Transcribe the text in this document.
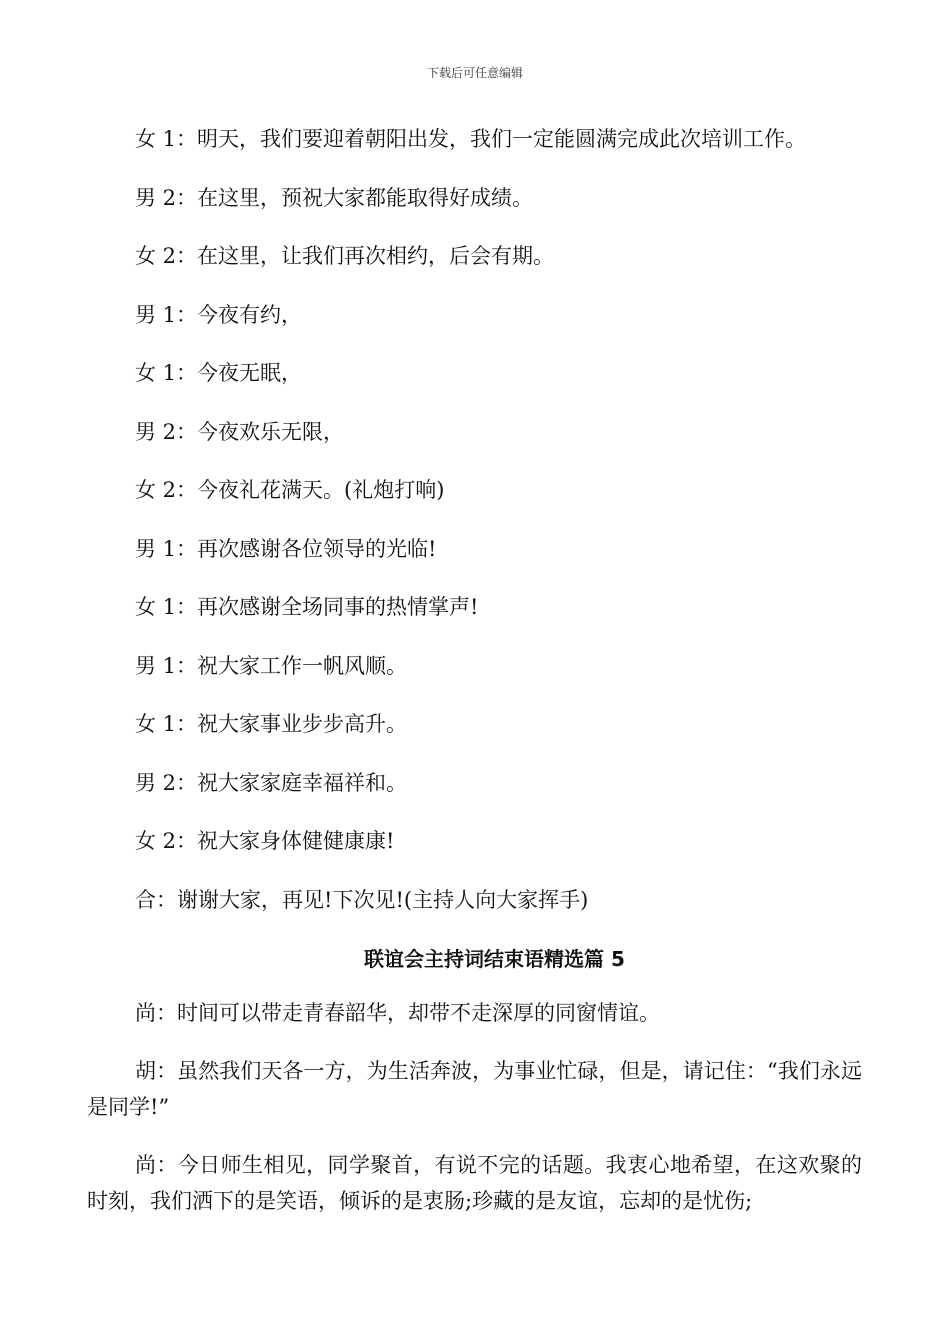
下载后可任意编辑
女 1：明天，我们要迎着朝阳出发，我们一定能圆满完成此次培训工作。
男 2：在这里，预祝大家都能取得好成绩。
女 2：在这里，让我们再次相约，后会有期。
男 1：今夜有约，
女 1：今夜无眠，
男 2：今夜欢乐无限，
女 2：今夜礼花满天。(礼炮打响)
男 1：再次感谢各位领导的光临!
女 1：再次感谢全场同事的热情掌声!
男 1：祝大家工作一帆风顺。
女 1：祝大家事业步步高升。
男 2：祝大家家庭幸福祥和。
女 2：祝大家身体健健康康!
合：谢谢大家，再见!下次见!(主持人向大家挥手)
联谊会主持词结束语精选篇 5

尚：时间可以带走青春韶华，却带不走深厚的同窗情谊。

胡：虽然我们天各一方，为生活奔波，为事业忙碌，但是，请记住：“我们永远是同学!”

尚：今日师生相见，同学聚首，有说不完的话题。我衷心地希望，在这欢聚的时刻，我们洒下的是笑语，倾诉的是衷肠;珍藏的是友谊，忘却的是忧伤;
